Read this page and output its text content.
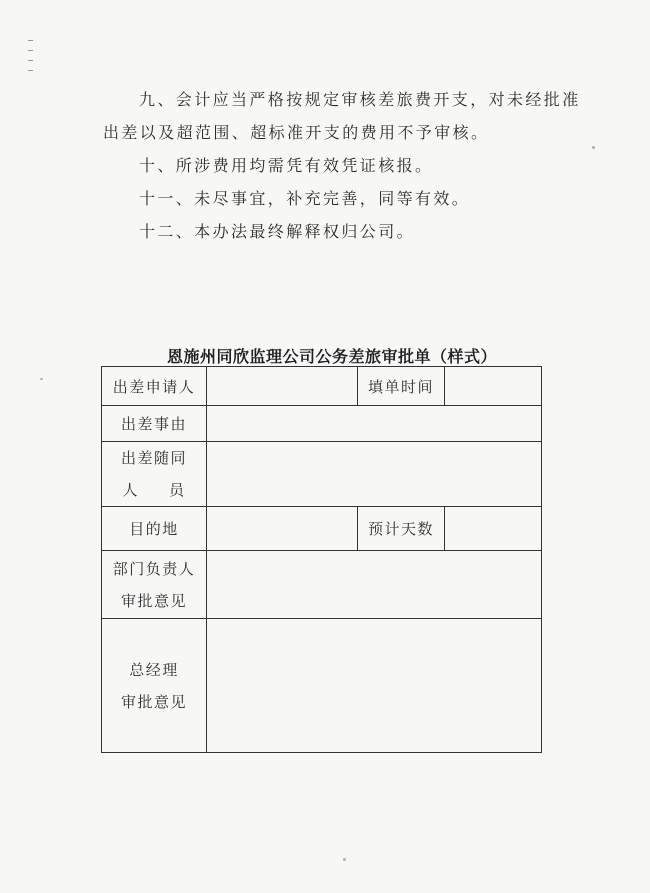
九、会计应当严格按规定审核差旅费开支，对未经批准
出差以及超范围、超标准开支的费用不予审核。
十、所涉费用均需凭有效凭证核报。
十一、未尽事宜，补充完善，同等有效。
十二、本办法最终解释权归公司。
恩施州同欣监理公司公务差旅审批单（样式）
出差申请人		填单时间	
出差事由			

出差随同
人 员			

目的地		预计天数	

部门负责人
审批意见			

总经理
审批意见			
